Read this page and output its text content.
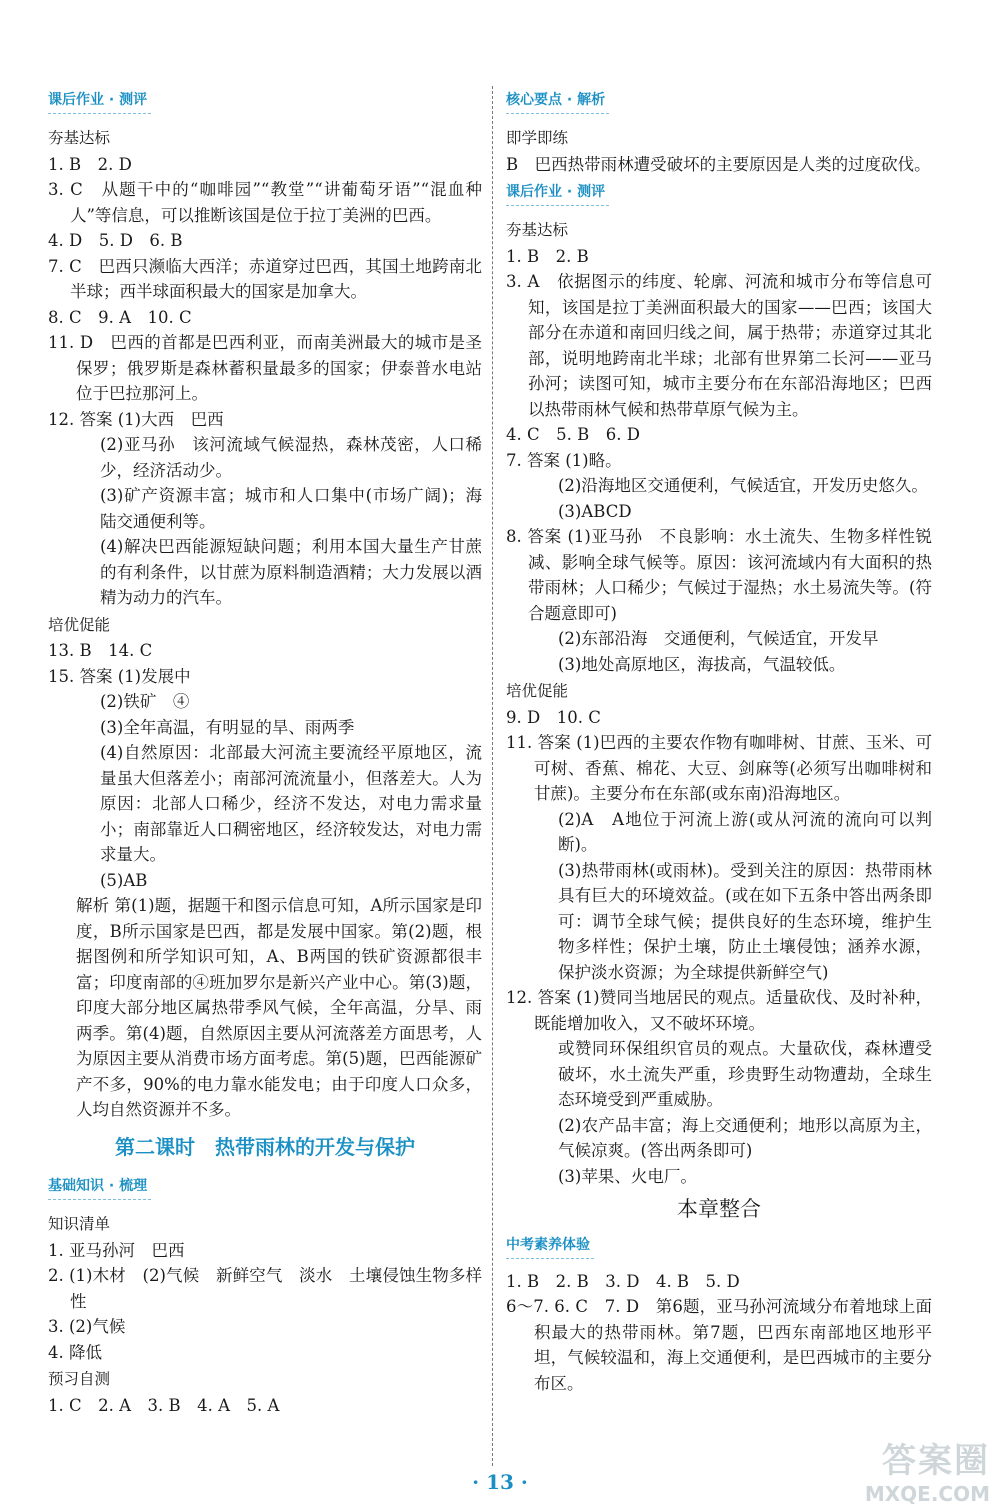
课后作业 · 测评

夯基达标

1. B　2. D

3. C　从题干中的“咖啡园”“教堂”“讲葡萄牙语”“混血种人”等信息，可以推断该国是位于拉丁美洲的巴西。

4. D　5. D　6. B

7. C　巴西只濒临大西洋；赤道穿过巴西，其国土地跨南北半球；西半球面积最大的国家是加拿大。

8. C　9. A　10. C

11. D　巴西的首都是巴西利亚，而南美洲最大的城市是圣保罗；俄罗斯是森林蓄积量最多的国家；伊泰普水电站位于巴拉那河上。

12. 答案 (1)大西　巴西

(2)亚马孙　该河流域气候湿热，森林茂密，人口稀少，经济活动少。

(3)矿产资源丰富；城市和人口集中(市场广阔)；海陆交通便利等。

(4)解决巴西能源短缺问题；利用本国大量生产甘蔗的有利条件，以甘蔗为原料制造酒精；大力发展以酒精为动力的汽车。

培优促能

13. B　14. C

15. 答案 (1)发展中

(2)铁矿　④

(3)全年高温，有明显的旱、雨两季

(4)自然原因：北部最大河流主要流经平原地区，流量虽大但落差小；南部河流流量小，但落差大。人为原因：北部人口稀少，经济不发达，对电力需求量小；南部靠近人口稠密地区，经济较发达，对电力需求量大。

(5)AB

解析 第(1)题，据题干和图示信息可知，A所示国家是印度，B所示国家是巴西，都是发展中国家。第(2)题，根据图例和所学知识可知，A、B两国的铁矿资源都很丰富；印度南部的④班加罗尔是新兴产业中心。第(3)题，印度大部分地区属热带季风气候，全年高温，分旱、雨两季。第(4)题，自然原因主要从河流落差方面思考，人为原因主要从消费市场方面考虑。第(5)题，巴西能源矿产不多，90%的电力靠水能发电；由于印度人口众多，人均自然资源并不多。

第二课时　热带雨林的开发与保护
基础知识 · 梳理

知识清单

1. 亚马孙河　巴西

2. (1)木材　(2)气候　新鲜空气　淡水　土壤侵蚀生物多样性

3. (2)气候

4. 降低

预习自测

1. C　2. A　3. B　4. A　5. A

核心要点 · 解析

即学即练

B　巴西热带雨林遭受破坏的主要原因是人类的过度砍伐。

课后作业 · 测评

夯基达标

1. B　2. B

3. A　依据图示的纬度、轮廓、河流和城市分布等信息可知，该国是拉丁美洲面积最大的国家——巴西；该国大部分在赤道和南回归线之间，属于热带；赤道穿过其北部，说明地跨南北半球；北部有世界第二长河——亚马孙河；读图可知，城市主要分布在东部沿海地区；巴西以热带雨林气候和热带草原气候为主。

4. C　5. B　6. D

7. 答案 (1)略。

(2)沿海地区交通便利，气候适宜，开发历史悠久。

(3)ABCD

8. 答案 (1)亚马孙　不良影响：水土流失、生物多样性锐减、影响全球气候等。原因：该河流域内有大面积的热带雨林；人口稀少；气候过于湿热；水土易流失等。(符合题意即可)

(2)东部沿海　交通便利，气候适宜，开发早

(3)地处高原地区，海拔高，气温较低。

培优促能

9. D　10. C

11. 答案 (1)巴西的主要农作物有咖啡树、甘蔗、玉米、可可树、香蕉、棉花、大豆、剑麻等(必须写出咖啡树和甘蔗)。主要分布在东部(或东南)沿海地区。

(2)A　A地位于河流上游(或从河流的流向可以判断)。

(3)热带雨林(或雨林)。受到关注的原因：热带雨林具有巨大的环境效益。(或在如下五条中答出两条即可：调节全球气候；提供良好的生态环境，维护生物多样性；保护土壤，防止土壤侵蚀；涵养水源，保护淡水资源；为全球提供新鲜空气)

12. 答案 (1)赞同当地居民的观点。适量砍伐、及时补种，既能增加收入，又不破坏环境。

或赞同环保组织官员的观点。大量砍伐，森林遭受破坏，水土流失严重，珍贵野生动物遭劫，全球生态环境受到严重威胁。

(2)农产品丰富；海上交通便利；地形以高原为主，气候凉爽。(答出两条即可)

(3)苹果、火电厂。

本章整合
中考素养体验

1. B　2. B　3. D　4. B　5. D

6～7. 6. C　7. D　第6题，亚马孙河流域分布着地球上面积最大的热带雨林。第7题，巴西东南部地区地形平坦，气候较温和，海上交通便利，是巴西城市的主要分布区。

· 13 ·
答案圈
MXQE.COM
